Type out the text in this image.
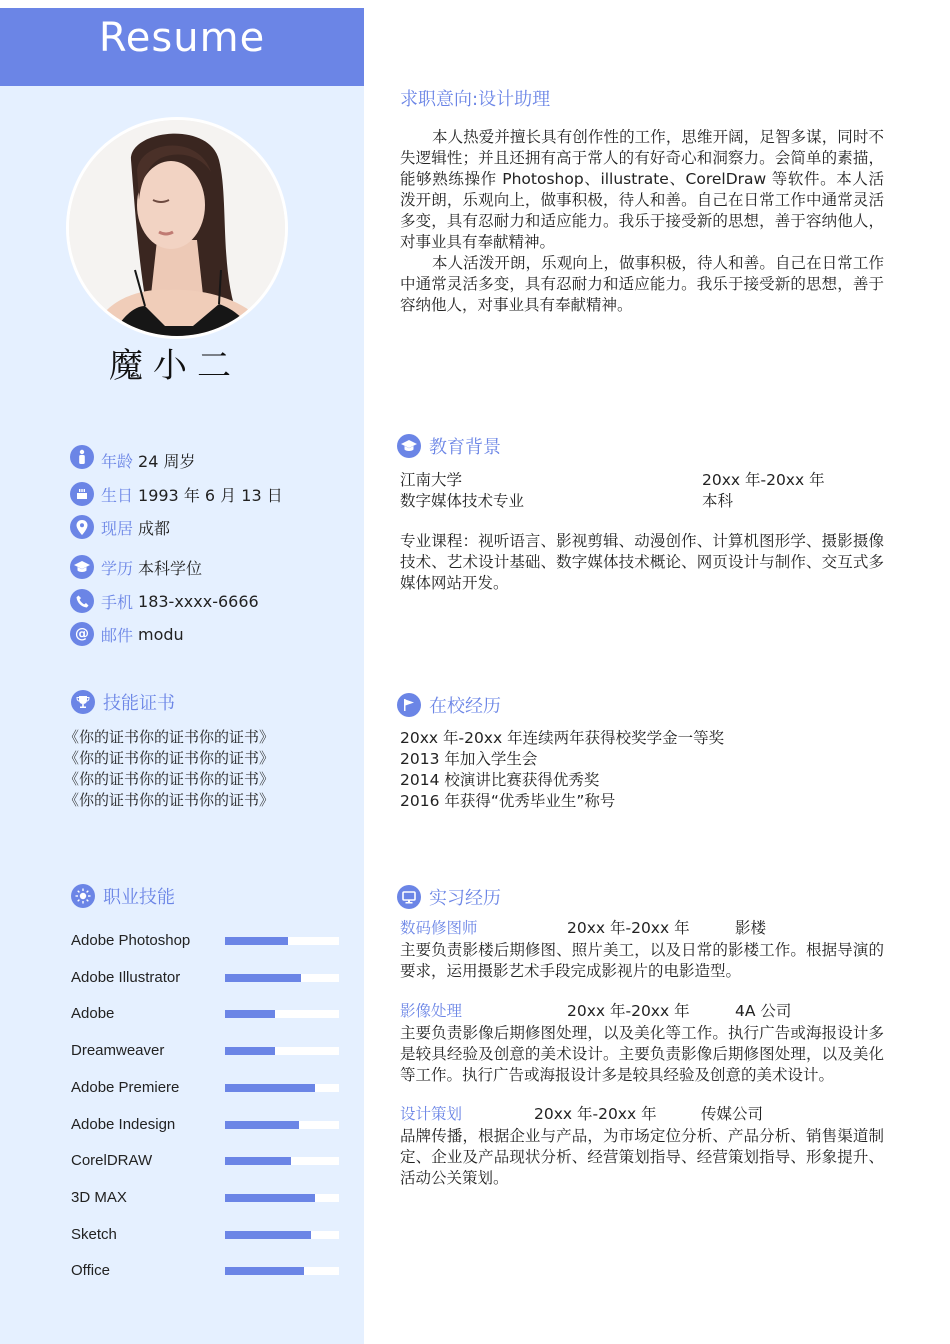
Resume
魔小二
年龄 24 周岁
生日 1993 年 6 月 13 日
现居 成都
学历 本科学位
手机 183-xxxx-6666
@ 邮件 modu
技能证书
《你的证书你的证书你的证书》
《你的证书你的证书你的证书》
《你的证书你的证书你的证书》
《你的证书你的证书你的证书》
职业技能
Adobe Photoshop
Adobe Illustrator
Adobe
Dreamweaver
Adobe Premiere
Adobe Indesign
CorelDRAW
3D MAX
Sketch
Office
求职意向:设计助理

本人热爱并擅长具有创作性的工作，思维开阔，足智多谋，同时不失逻辑性；并且还拥有高于常人的有好奇心和洞察力。会简单的素描，能够熟练操作 Photoshop、illustrate、CorelDraw 等软件。本人活泼开朗，乐观向上，做事积极，待人和善。自己在日常工作中通常灵活多变，具有忍耐力和适应能力。我乐于接受新的思想，善于容纳他人，对事业具有奉献精神。

本人活泼开朗，乐观向上，做事积极，待人和善。自己在日常工作中通常灵活多变，具有忍耐力和适应能力。我乐于接受新的思想，善于容纳他人，对事业具有奉献精神。

教育背景
江南大学	20xx 年-20xx 年
数字媒体技术专业	本科
专业课程：视听语言、影视剪辑、动漫创作、计算机图形学、摄影摄像技术、艺术设计基础、数字媒体技术概论、网页设计与制作、交互式多媒体网站开发。
在校经历
20xx 年-20xx 年连续两年获得校奖学金一等奖
2013 年加入学生会
2014 校演讲比赛获得优秀奖
2016 年获得“优秀毕业生”称号
实习经历
数码修图师	20xx 年-20xx 年	影楼
主要负责影楼后期修图、照片美工，以及日常的影楼工作。根据导演的要求，运用摄影艺术手段完成影视片的电影造型。
影像处理	20xx 年-20xx 年	4A 公司
主要负责影像后期修图处理，以及美化等工作。执行广告或海报设计多是较具经验及创意的美术设计。主要负责影像后期修图处理，以及美化等工作。执行广告或海报设计多是较具经验及创意的美术设计。
设计策划	20xx 年-20xx 年	传媒公司
品牌传播，根据企业与产品，为市场定位分析、产品分析、销售渠道制定、企业及产品现状分析、经营策划指导、经营策划指导、形象提升、活动公关策划。
